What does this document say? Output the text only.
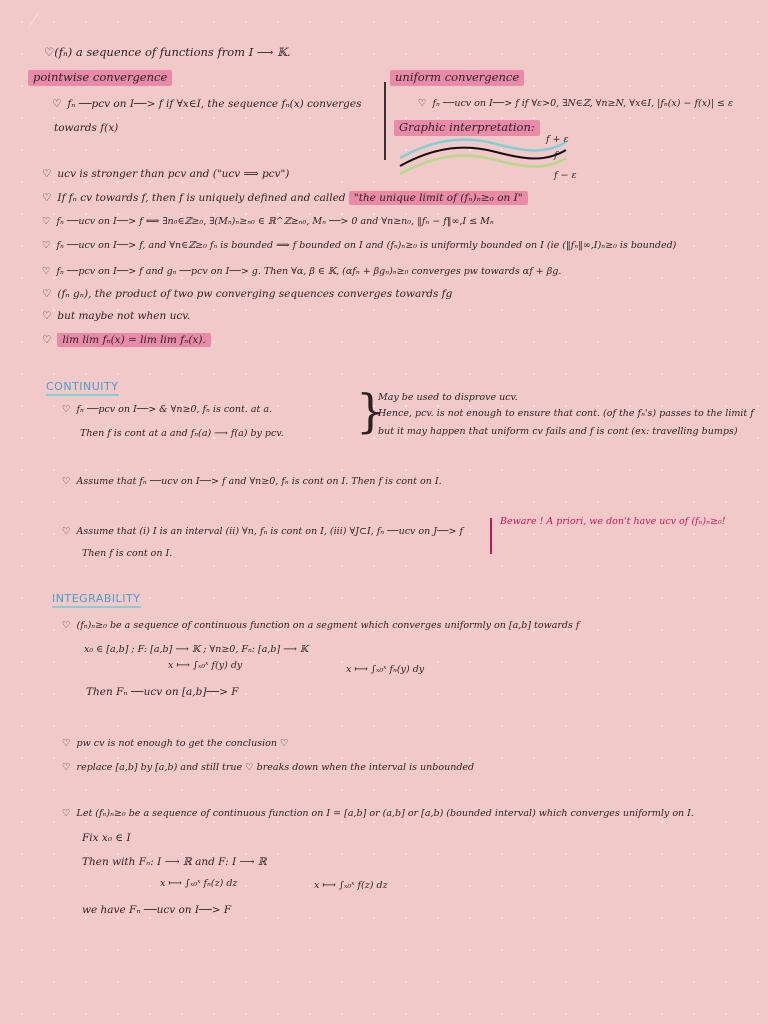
⁄
♡(fₙ) a sequence of functions from I ⟶ 𝕂.
pointwise convergence	uniform convergence
♡ fₙ ──pcv on I──> f if ∀x∈I, the sequence fₙ(x) converges
towards f(x)
♡ fₙ ──ucv on I──> f if ∀ε>0, ∃N∈ℤ, ∀n≥N, ∀x∈I, |fₙ(x) − f(x)| ≤ ε
Graphic interpretation:
f + ε
f
f − ε
♡ ucv is stronger than pcv and ("ucv ⟹ pcv")
♡ If fₙ cv towards f, then f is uniquely defined and called "the unique limit of (fₙ)ₙ≥₀ on I"
♡ fₙ ──ucv on I──> f ⟺ ∃n₀∈ℤ≥₀, ∃(Mₙ)ₙ≥ₙ₀ ∈ ℝ^ℤ≥ₙ₀, Mₙ ──> 0 and ∀n≥n₀, ‖fₙ − f‖∞,I ≤ Mₙ
♡ fₙ ──ucv on I──> f, and ∀n∈ℤ≥₀ fₙ is bounded ⟹ f bounded on I and (fₙ)ₙ≥₀ is uniformly bounded on I (ie (‖fₙ‖∞,I)ₙ≥₀ is bounded)
♡ fₙ ──pcv on I──> f and gₙ ──pcv on I──> g. Then ∀α, β ∈ 𝕂, (αfₙ + βgₙ)ₙ≥₀ converges pw towards αf + βg.
♡ (fₙ gₙ), the product of two pw converging sequences converges towards fg
♡ but maybe not when ucv.
♡ lim lim fₙ(x) = lim lim fₙ(x).
CONTINUITY
♡ fₙ ──pcv on I──> & ∀n≥0, fₙ is cont. at a.
Then f is cont at a and fₙ(a) ⟶ f(a) by pcv. }
May be used to disprove ucv.
Hence, pcv. is not enough to ensure that cont. (of the fₙ's) passes to the limit f
but it may happen that uniform cv fails and f is cont (ex: travelling bumps)
♡ Assume that fₙ ──ucv on I──> f and ∀n≥0, fₙ is cont on I. Then f is cont on I.
♡ Assume that (i) I is an interval (ii) ∀n, fₙ is cont on I, (iii) ∀J⊂I, fₙ ──ucv on J──> f
Then f is cont on I.
Beware ! A priori, we don't have ucv of (fₙ)ₙ≥₀!
INTEGRABILITY
♡ (fₙ)ₙ≥₀ be a sequence of continuous function on a segment which converges uniformly on [a,b] towards f
x₀ ∈ [a,b] ; F: [a,b] ⟶ 𝕂 ; ∀n≥0, Fₙ: [a,b] ⟶ 𝕂
x ⟼ ∫ₓ₀ˣ f(y) dy	x ⟼ ∫ₓ₀ˣ fₙ(y) dy
Then Fₙ ──ucv on [a,b]──> F
♡ pw cv is not enough to get the conclusion ♡
♡ replace [a,b] by [a,b) and still true ♡ breaks down when the interval is unbounded
♡ Let (fₙ)ₙ≥₀ be a sequence of continuous function on I = [a,b] or (a,b] or [a,b) (bounded interval) which converges uniformly on I.
Fix x₀ ∈ I
Then with Fₙ: I ⟶ ℝ and F: I ⟶ ℝ
x ⟼ ∫ₓ₀ˣ fₙ(z) dz	x ⟼ ∫ₓ₀ˣ f(z) dz
we have Fₙ ──ucv on I──> F
